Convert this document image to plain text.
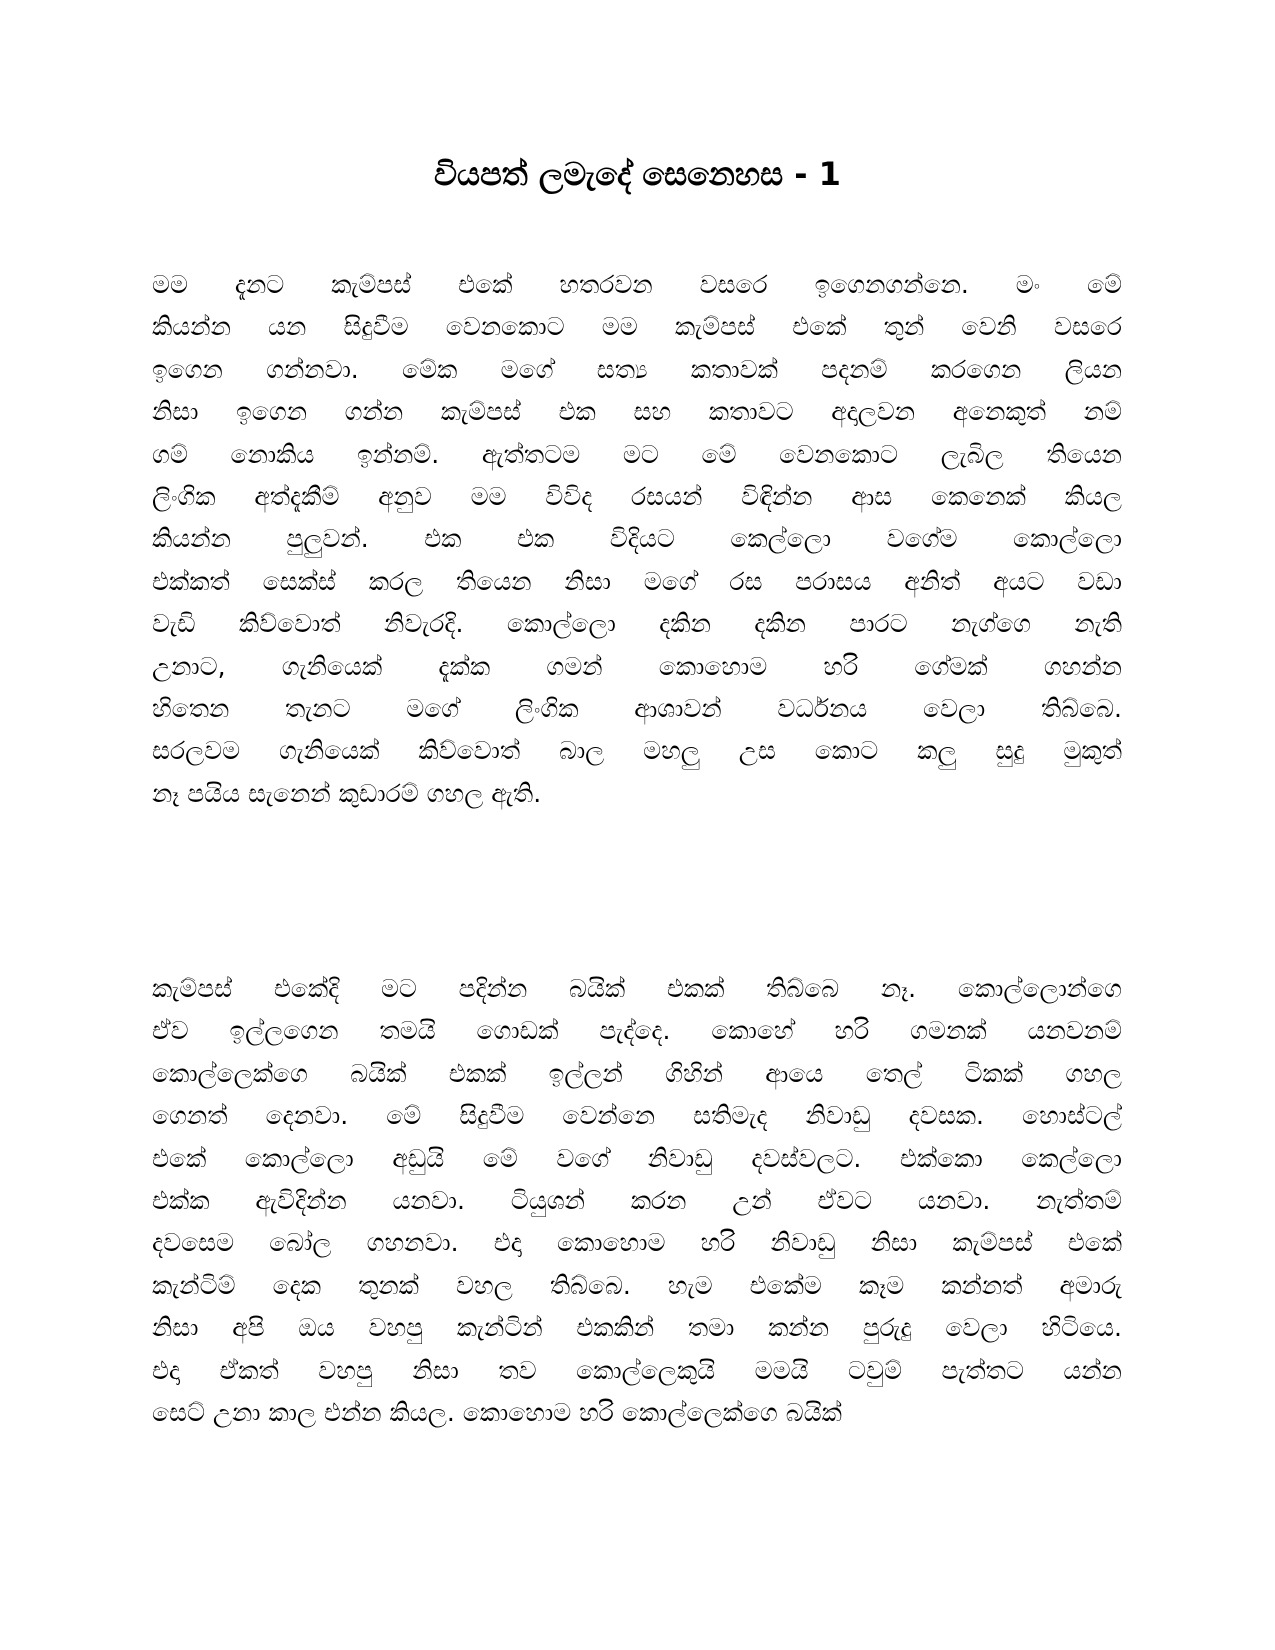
වියපත් ලමැදේ සෙනෙහස - 1
මම දැනට කැම්පස් එකේ හතරවන වසරෙ ඉගෙනගන්නෙ. මං මේ
කියන්න යන සිදුවීම වෙනකොට මම කැම්පස් එකේ තුන් වෙනි වසරෙ
ඉගෙන ගන්නවා. මේක මගේ සත්‍ය කතාවක් පදනම් කරගෙන ලියන
නිසා ඉගෙන ගන්න කැම්පස් එක සහ කතාවට අදාලවන අනෙකුත් නම්
ගම් නොකිය ඉන්නම්. ඇත්තටම මට මේ වෙනකොට ලැබිල තියෙන
ලිංගික අත්දැකීම් අනුව මම විවිද රසයන් විඳින්න ආස කෙනෙක් කියල
කියන්න පුලුවන්. එක එක විදියට කෙල්ලො වගේම කොල්ලො
එක්කත් සෙක්ස් කරල තියෙන නිසා මගේ රස පරාසය අනිත් අයට වඩා
වැඩි කිව්වොත් නිවැරදි. කොල්ලො දකින දකින පාරට නැග්ගෙ නැති
උනාට, ගැනියෙක් දැක්ක ගමන් කොහොම හරි ගේමක් ගහන්න
හිතෙන තැනට මගේ ලිංගික ආශාවන් වර්ධනය වෙලා තිබ්බෙ.
සරලවම ගැනියෙක් කිව්වොත් බාල මහලු උස කොට කලු සුදු මුකුත්
නෑ පයිය සැනෙන් කුඩාරම් ගහල ඇති.
කැම්පස් එකේදි මට පදින්න බයික් එකක් තිබ්බෙ නෑ. කොල්ලොන්ගෙ
ඒව ඉල්ලගෙන තමයි ගොඩක් පැද්දෙ. කොහේ හරි ගමනක් යනවනම්
කොල්ලෙක්ගෙ බයික් එකක් ඉල්ලන් ගිහින් ආයෙ තෙල් ටිකක් ගහල
ගෙනත් දෙනවා. මේ සිදුවීම වෙන්නෙ සතිමැද නිවාඩු දවසක. හොස්ටල්
එකේ කොල්ලො අඩුයි මේ වගේ නිවාඩු දවස්වලට. එක්කො කෙල්ලො
එක්ක ඇවිදින්න යනවා. ටියුශන් කරන උන් ඒවට යනවා. නැත්තම්
දවසෙම බෝල ගහනවා. එදා කොහොම හරි නිවාඩු නිසා කැම්පස් එකේ
කැන්ටිම් දෙක තුනක් වහල තිබ්බෙ. හැම එකේම කෑම කන්නත් අමාරු
නිසා අපි ඔය වහපු කැන්ටින් එකකින් තමා කන්න පුරුදු වෙලා හිටියෙ.
එදා ඒකත් වහපු නිසා තව කොල්ලෙකුයි මමයි ටවුම් පැත්තට යන්න
සෙට් උනා කාල එන්න කියල. කොහොම හරි කොල්ලෙක්ගෙ බයික්
